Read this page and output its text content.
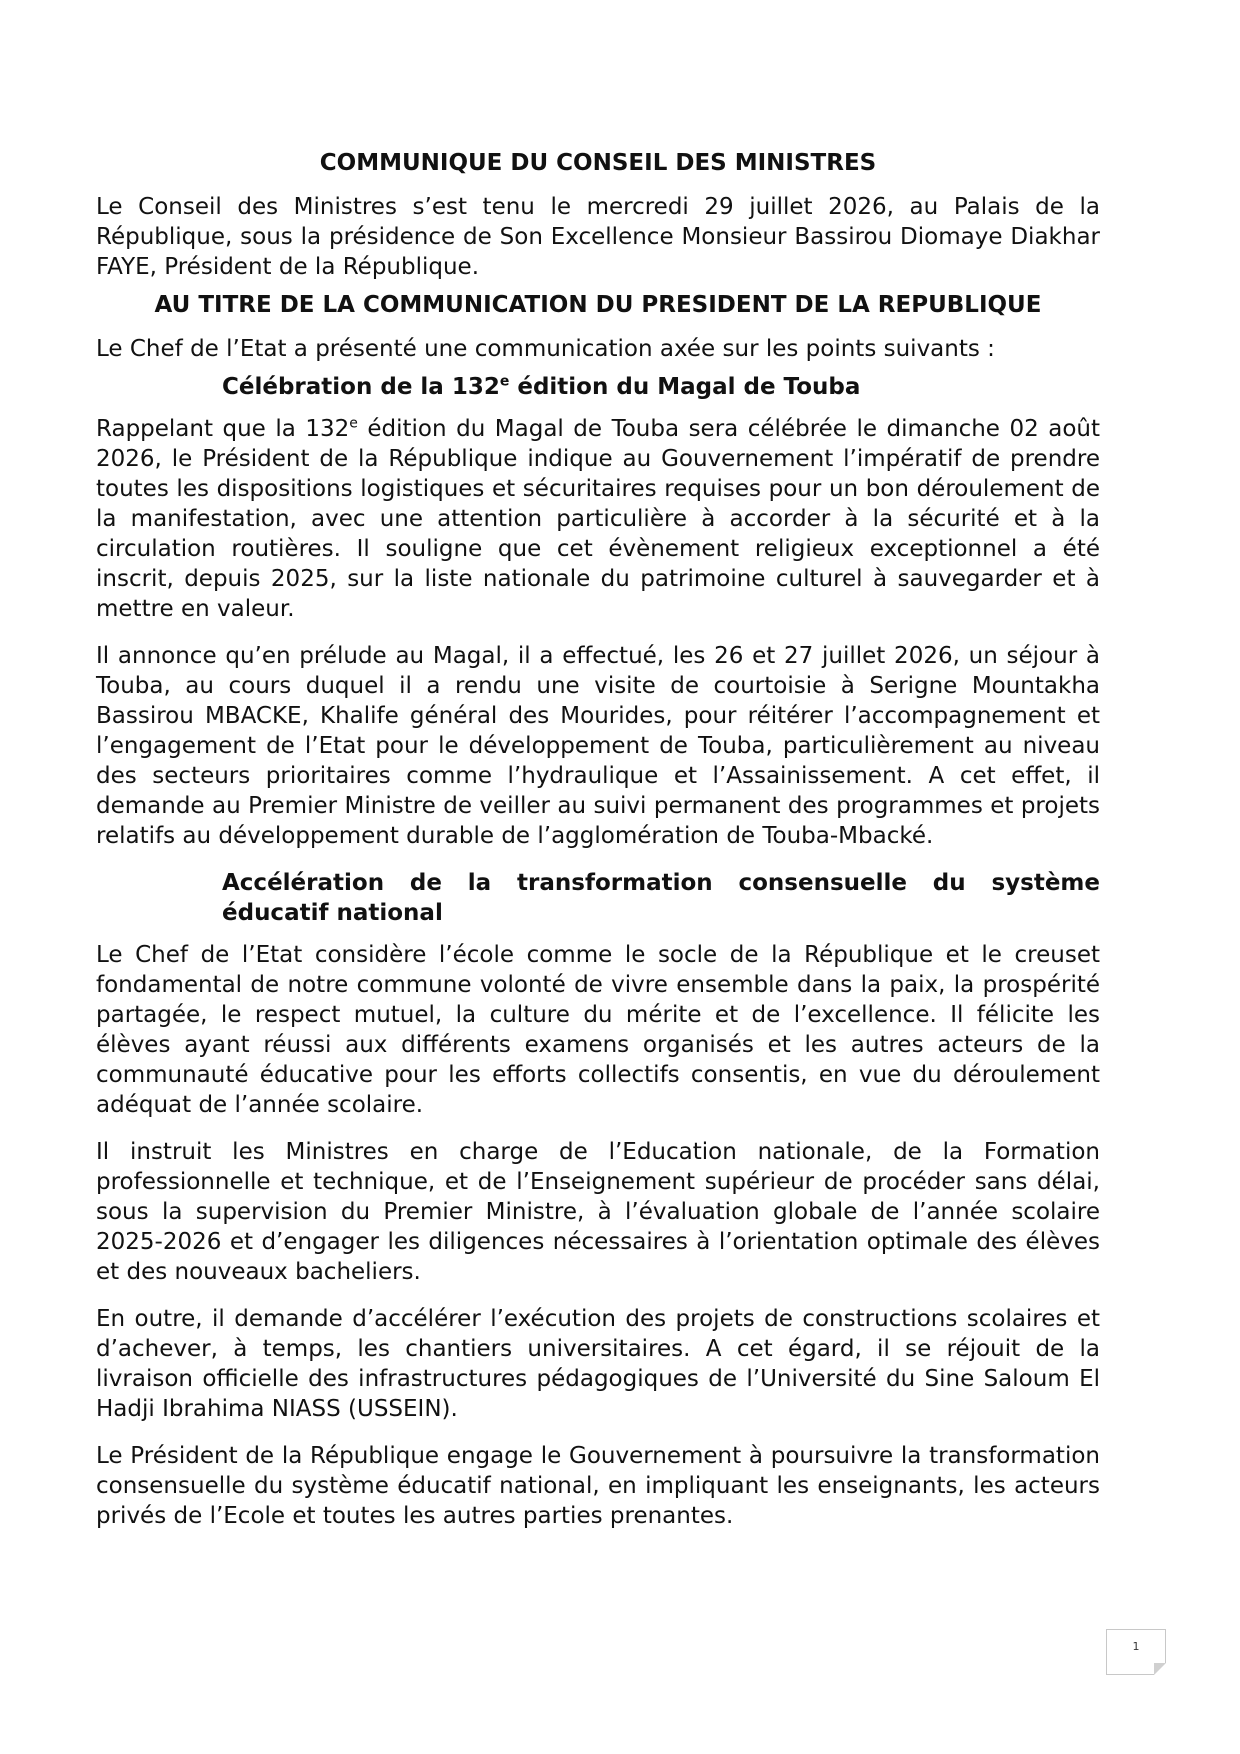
COMMUNIQUE DU CONSEIL DES MINISTRES

Le Conseil des Ministres s’est tenu le mercredi 29 juillet 2026, au Palais de la République, sous la présidence de Son Excellence Monsieur Bassirou Diomaye Diakhar FAYE, Président de la République.

AU TITRE DE LA COMMUNICATION DU PRESIDENT DE LA REPUBLIQUE

Le Chef de l’Etat a présenté une communication axée sur les points suivants :

Célébration de la 132e édition du Magal de Touba

Rappelant que la 132e édition du Magal de Touba sera célébrée le dimanche 02 août 2026, le Président de la République indique au Gouvernement l’impératif de prendre toutes les dispositions logistiques et sécuritaires requises pour un bon déroulement de la manifestation, avec une attention particulière à accorder à la sécurité et à la circulation routières. Il souligne que cet évènement religieux exceptionnel a été inscrit, depuis 2025, sur la liste nationale du patrimoine culturel à sauvegarder et à mettre en valeur.

Il annonce qu’en prélude au Magal, il a effectué, les 26 et 27 juillet 2026, un séjour à Touba, au cours duquel il a rendu une visite de courtoisie à Serigne Mountakha Bassirou MBACKE, Khalife général des Mourides, pour réitérer l’accompagnement et l’engagement de l’Etat pour le développement de Touba, particulièrement au niveau des secteurs prioritaires comme l’hydraulique et l’Assainissement. A cet effet, il demande au Premier Ministre de veiller au suivi permanent des programmes et projets relatifs au développement durable de l’agglomération de Touba-Mbacké.

Accélération de la transformation consensuelle du système éducatif national

Le Chef de l’Etat considère l’école comme le socle de la République et le creuset fondamental de notre commune volonté de vivre ensemble dans la paix, la prospérité partagée, le respect mutuel, la culture du mérite et de l’excellence. Il félicite les élèves ayant réussi aux différents examens organisés et les autres acteurs de la communauté éducative pour les efforts collectifs consentis, en vue du déroulement adéquat de l’année scolaire.

Il instruit les Ministres en charge de l’Education nationale, de la Formation professionnelle et technique, et de l’Enseignement supérieur de procéder sans délai, sous la supervision du Premier Ministre, à l’évaluation globale de l’année scolaire 2025-2026 et d’engager les diligences nécessaires à l’orientation optimale des élèves et des nouveaux bacheliers.

En outre, il demande d’accélérer l’exécution des projets de constructions scolaires et d’achever, à temps, les chantiers universitaires. A cet égard, il se réjouit de la livraison officielle des infrastructures pédagogiques de l’Université du Sine Saloum El Hadji Ibrahima NIASS (USSEIN).

Le Président de la République engage le Gouvernement à poursuivre la transformation consensuelle du système éducatif national, en impliquant les enseignants, les acteurs privés de l’Ecole et toutes les autres parties prenantes.

1
